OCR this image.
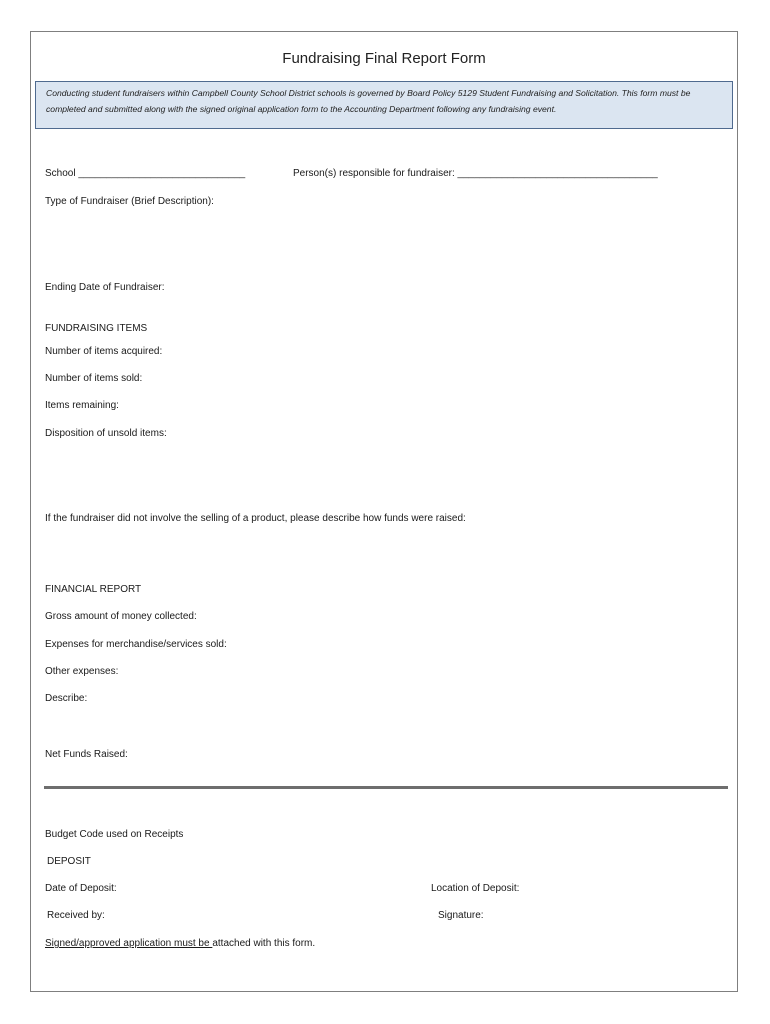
Fundraising Final Report Form
Conducting student fundraisers within Campbell County School District schools is governed by Board Policy 5129 Student Fundraising and Solicitation. This form must be completed and submitted along with the signed original application form to the Accounting Department following any fundraising event.
School ______________________________	Person(s) responsible for fundraiser: ____________________________________
Type of Fundraiser (Brief Description):
Ending Date of Fundraiser:
FUNDRAISING ITEMS
Number of items acquired:
Number of items sold:
Items remaining:
Disposition of unsold items:
If the fundraiser did not involve the selling of a product, please describe how funds were raised:
FINANCIAL REPORT
Gross amount of money collected:
Expenses for merchandise/services sold:
Other expenses:
Describe:
Net Funds Raised:
Budget Code used on Receipts
DEPOSIT
Date of Deposit:	Location of Deposit:
Received by:	Signature:
Signed/approved application must be attached with this form.
